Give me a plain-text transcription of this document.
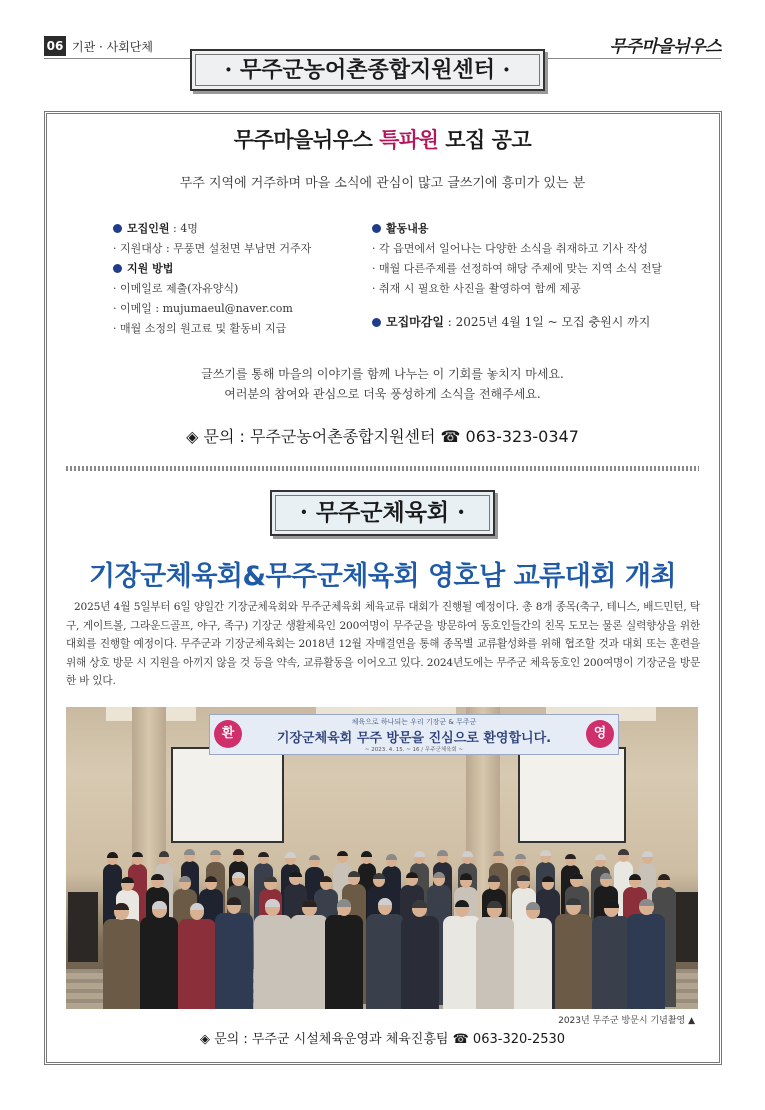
06 기관 · 사회단체	무주마을뉘우스
· 무주군농어촌종합지원센터 ·
무주마을뉘우스 특파원 모집 공고
무주 지역에 거주하며 마을 소식에 관심이 많고 글쓰기에 흥미가 있는 분
모집인원 : 4명
· 지원대상 : 무풍면 설천면 부남면 거주자
지원 방법
· 이메일로 제출(자유양식)
· 이메일 : mujumaeul@naver.com
· 매월 소정의 원고료 및 활동비 지급
활동내용
· 각 읍면에서 일어나는 다양한 소식을 취재하고 기사 작성
· 매월 다른주제를 선정하여 해당 주제에 맞는 지역 소식 전달
· 취재 시 필요한 사진을 촬영하여 함께 제공
모집마감일 : 2025년 4월 1일 ~ 모집 충원시 까지
글쓰기를 통해 마을의 이야기를 함께 나누는 이 기회를 놓치지 마세요.
여러분의 참여와 관심으로 더욱 풍성하게 소식을 전해주세요.
◈ 문의 : 무주군농어촌종합지원센터 ☎ 063-323-0347
· 무주군체육회 ·
기장군체육회&무주군체육회 영호남 교류대회 개최
2025년 4월 5일부터 6일 양일간 기장군체육회와 무주군체육회 체육교류 대회가 진행될 예정이다. 총 8개 종목(축구, 테니스, 배드민턴, 탁구, 게이트볼, 그라운드골프, 야구, 족구) 기장군 생활체육인 200여명이 무주군을 방문하여 동호인들간의 친목 도모는 물론 실력향상을 위한 대회를 진행할 예정이다. 무주군과 기장군체육회는 2018년 12월 자매결연을 통해 종목별 교류활성화를 위해 협조할 것과 대회 또는 훈련을 위해 상호 방문 시 지원을 아끼지 않을 것 등을 약속, 교류활동을 이어오고 있다. 2024년도에는 무주군 체육동호인 200여명이 기장군을 방문한 바 있다.
환	영
체육으로 하나되는 우리 기장군 & 무주군
기장군체육회 무주 방문을 진심으로 환영합니다.
~ 2023. 4. 15. ~ 16 / 무주군체육회 ~
2023년 무주군 방문시 기념촬영 ▲
◈ 문의 : 무주군 시설체육운영과 체육진흥팀 ☎ 063-320-2530
